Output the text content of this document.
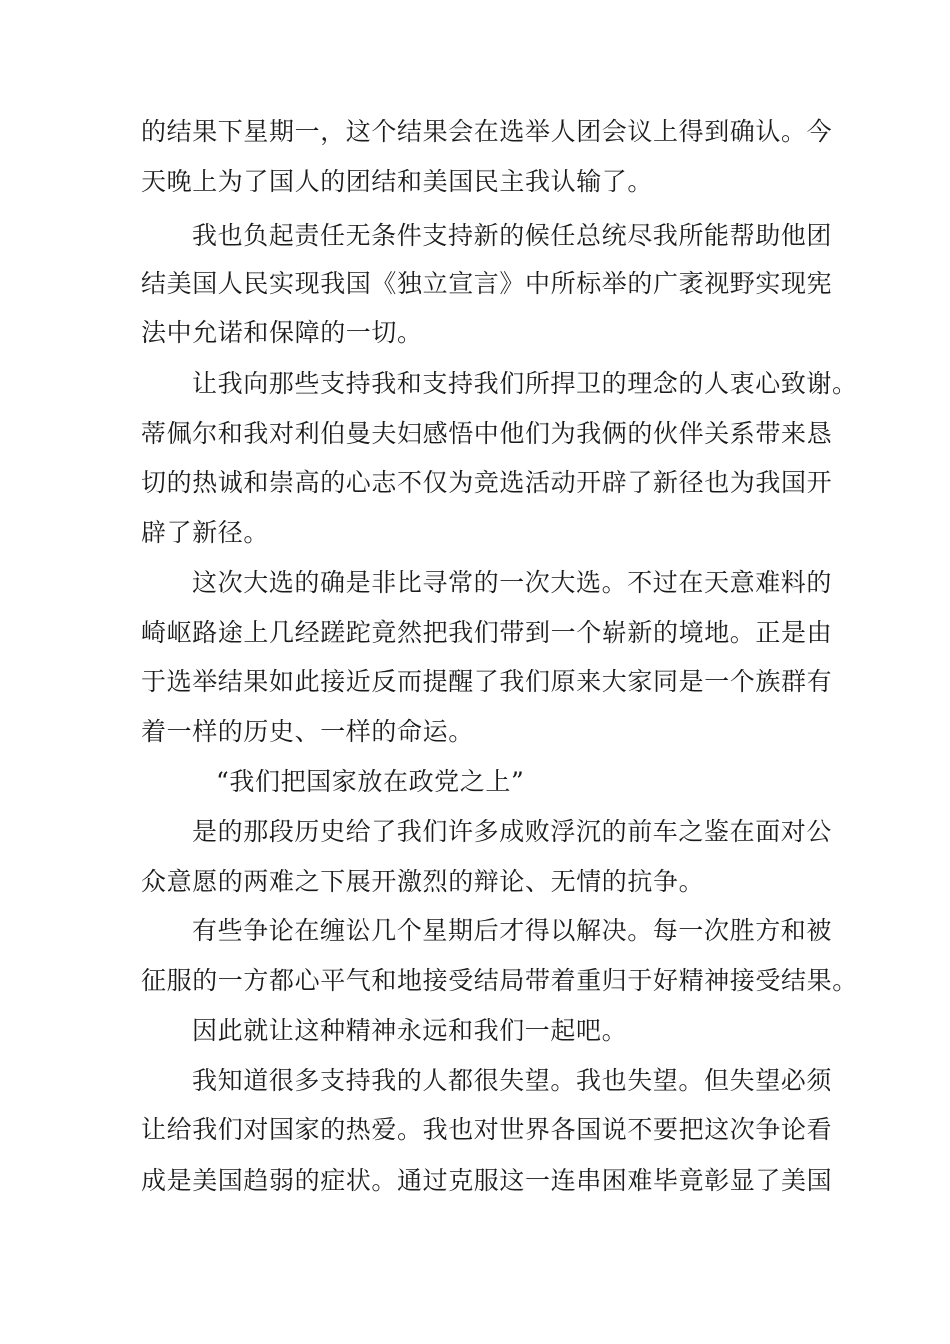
的结果下星期一，这个结果会在选举人团会议上得到确认。今
天晚上为了国人的团结和美国民主我认输了。
我也负起责任无条件支持新的候任总统尽我所能帮助他团
结美国人民实现我国《独立宣言》中所标举的广袤视野实现宪
法中允诺和保障的一切。
让我向那些支持我和支持我们所捍卫的理念的人衷心致谢。
蒂佩尔和我对利伯曼夫妇感悟中他们为我俩的伙伴关系带来恳
切的热诚和崇高的心志不仅为竞选活动开辟了新径也为我国开
辟了新径。
这次大选的确是非比寻常的一次大选。不过在天意难料的
崎岖路途上几经蹉跎竟然把我们带到一个崭新的境地。正是由
于选举结果如此接近反而提醒了我们原来大家同是一个族群有
着一样的历史、一样的命运。
“我们把国家放在政党之上”
是的那段历史给了我们许多成败浮沉的前车之鉴在面对公
众意愿的两难之下展开激烈的辩论、无情的抗争。
有些争论在缠讼几个星期后才得以解决。每一次胜方和被
征服的一方都心平气和地接受结局带着重归于好精神接受结果。
因此就让这种精神永远和我们一起吧。
我知道很多支持我的人都很失望。我也失望。但失望必须
让给我们对国家的热爱。我也对世界各国说不要把这次争论看
成是美国趋弱的症状。通过克服这一连串困难毕竟彰显了美国
